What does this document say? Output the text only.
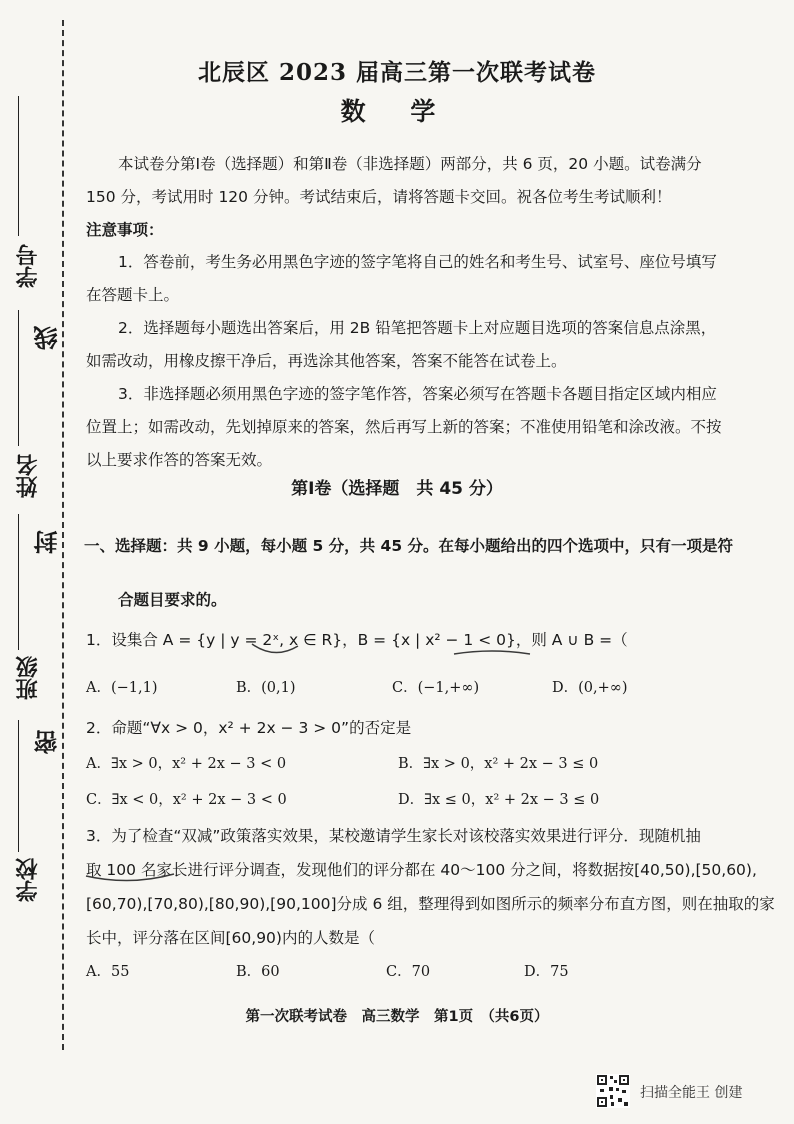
学号
线
姓名
封
班级
密
学校
北辰区 2023 届高三第一次联考试卷
数 学
本试卷分第Ⅰ卷（选择题）和第Ⅱ卷（非选择题）两部分，共 6 页，20 小题。试卷满分 150 分，考试用时 120 分钟。考试结束后，请将答题卡交回。祝各位考生考试顺利！
注意事项：
1．答卷前，考生务必用黑色字迹的签字笔将自己的姓名和考生号、试室号、座位号填写在答题卡上。
2．选择题每小题选出答案后，用 2B 铅笔把答题卡上对应题目选项的答案信息点涂黑，如需改动，用橡皮擦干净后，再选涂其他答案，答案不能答在试卷上。
3．非选择题必须用黑色字迹的签字笔作答，答案必须写在答题卡各题目指定区域内相应位置上；如需改动，先划掉原来的答案，然后再写上新的答案；不准使用铅笔和涂改液。不按以上要求作答的答案无效。
第Ⅰ卷（选择题　共 45 分）
一、选择题：共 9 小题，每小题 5 分，共 45 分。在每小题给出的四个选项中，只有一项是符
合题目要求的。
1．设集合 A = {y | y = 2ˣ, x ∈ R}，B = {x | x² − 1 < 0}，则 A ∪ B =（
A．(−1,1)	B．(0,1)	C．(−1,+∞)	D．(0,+∞)
2．命题“∀x > 0，x² + 2x − 3 > 0”的否定是
A．∃x > 0，x² + 2x − 3 < 0	B．∃x > 0，x² + 2x − 3 ≤ 0
C．∃x < 0，x² + 2x − 3 < 0	D．∃x ≤ 0，x² + 2x − 3 ≤ 0
3．为了检查“双减”政策落实效果，某校邀请学生家长对该校落实效果进行评分．现随机抽
取 100 名家长进行评分调查，发现他们的评分都在 40～100 分之间，将数据按[40,50),[50,60),
[60,70),[70,80),[80,90),[90,100]分成 6 组，整理得到如图所示的频率分布直方图，则在抽取的家
长中，评分落在区间[60,90)内的人数是（
A．55	B．60	C．70	D．75
第一次联考试卷　高三数学　第1页　（共6页）
扫描全能王 创建
